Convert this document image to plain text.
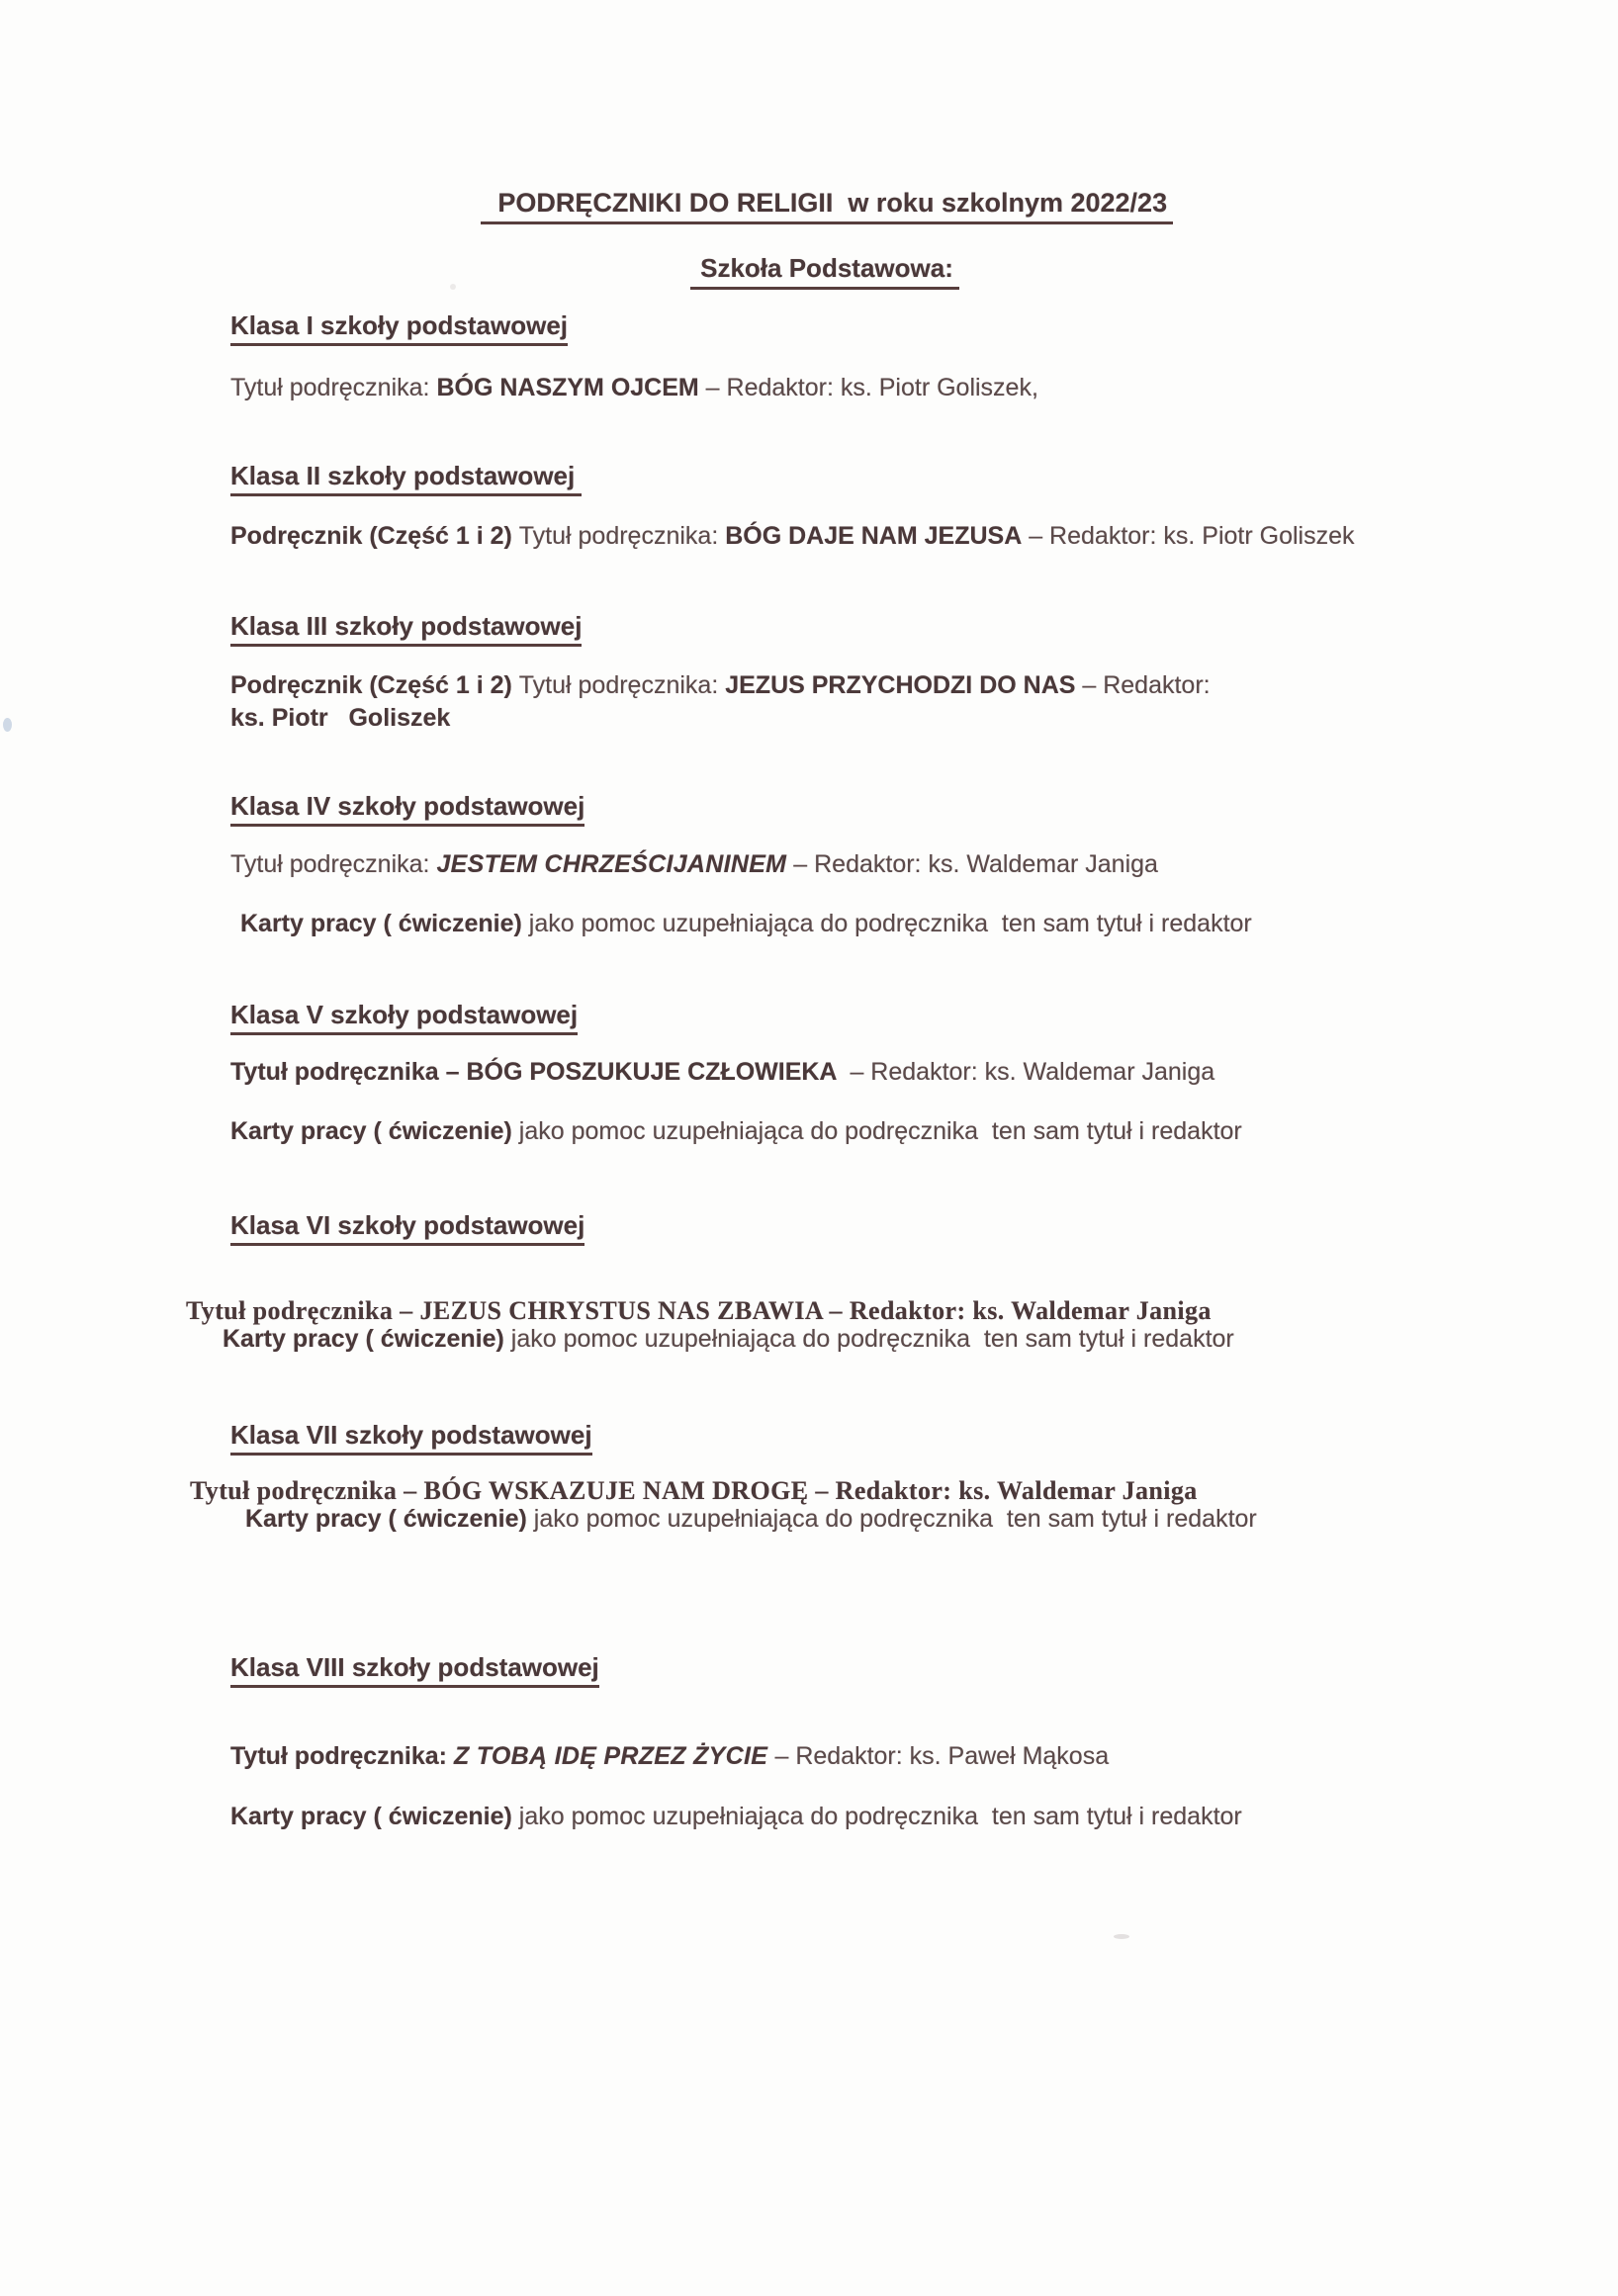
PODRĘCZNIKI DO RELIGII  w roku szkolnym 2022/23
Szkoła Podstawowa:
Klasa I szkoły podstawowej
Tytuł podręcznika: BÓG NASZYM OJCEM – Redaktor: ks. Piotr Goliszek,
Klasa II szkoły podstawowej
Podręcznik (Część 1 i 2) Tytuł podręcznika: BÓG DAJE NAM JEZUSA – Redaktor: ks. Piotr Goliszek
Klasa III szkoły podstawowej
Podręcznik (Część 1 i 2) Tytuł podręcznika: JEZUS PRZYCHODZI DO NAS – Redaktor:
ks. Piotr   Goliszek
Klasa IV szkoły podstawowej
Tytuł podręcznika: JESTEM CHRZEŚCIJANINEM – Redaktor: ks. Waldemar Janiga
Karty pracy ( ćwiczenie) jako pomoc uzupełniająca do podręcznika  ten sam tytuł i redaktor
Klasa V szkoły podstawowej
Tytuł podręcznika – BÓG POSZUKUJE CZŁOWIEKA  – Redaktor: ks. Waldemar Janiga
Karty pracy ( ćwiczenie) jako pomoc uzupełniająca do podręcznika  ten sam tytuł i redaktor
Klasa VI szkoły podstawowej
Tytuł podręcznika – JEZUS CHRYSTUS NAS ZBAWIA – Redaktor: ks. Waldemar Janiga
Karty pracy ( ćwiczenie) jako pomoc uzupełniająca do podręcznika  ten sam tytuł i redaktor
Klasa VII szkoły podstawowej
Tytuł podręcznika – BÓG WSKAZUJE NAM DROGĘ – Redaktor: ks. Waldemar Janiga
Karty pracy ( ćwiczenie) jako pomoc uzupełniająca do podręcznika  ten sam tytuł i redaktor
Klasa VIII szkoły podstawowej
Tytuł podręcznika: Z TOBĄ IDĘ PRZEZ ŻYCIE – Redaktor: ks. Paweł Mąkosa
Karty pracy ( ćwiczenie) jako pomoc uzupełniająca do podręcznika  ten sam tytuł i redaktor
